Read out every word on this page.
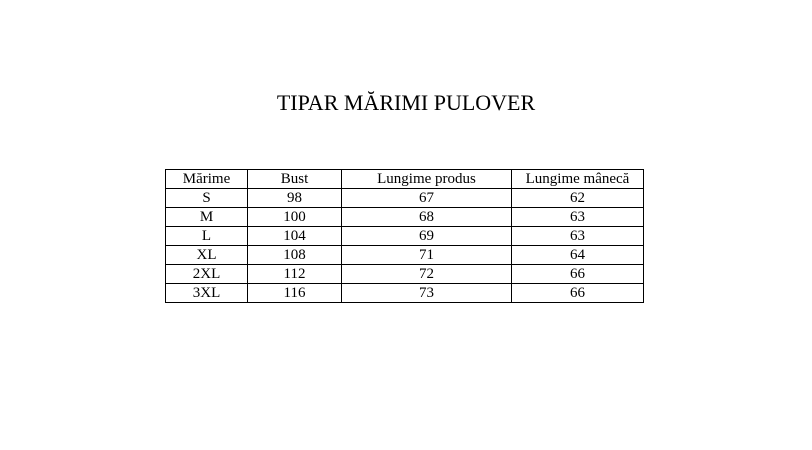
TIPAR MĂRIMI PULOVER
Mărime	Bust	Lungime produs	Lungime mânecă
S	98	67	62
M	100	68	63
L	104	69	63
XL	108	71	64
2XL	112	72	66
3XL	116	73	66
